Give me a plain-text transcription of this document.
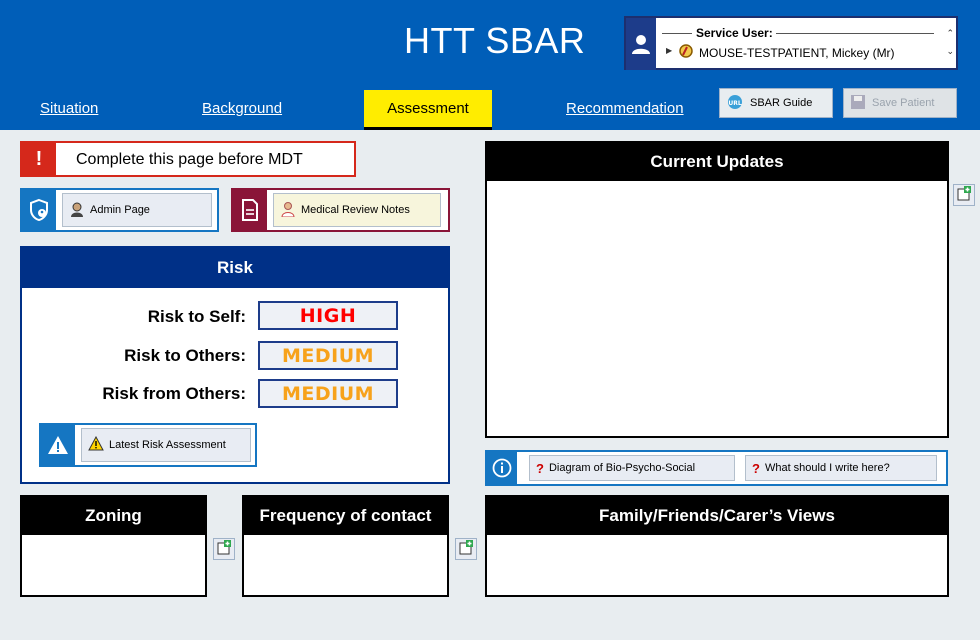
HTT SBAR	Service User:
▶ MOUSE-TESTPATIENT, Mickey (Mr)
⌃
⌄
Situation	Background	Assessment	Recommendation	URL SBAR Guide	Save Patient
!	Complete this page before MDT
Admin Page	Medical Review Notes
Risk
Risk to Self:	HIGH
Risk to Others:	MEDIUM
Risk from Others:	MEDIUM
Latest Risk Assessment
Current Updates
? Diagram of Bio-Psycho-Social	? What should I write here?
Zoning	Frequency of contact	Family/Friends/Carer’s Views
